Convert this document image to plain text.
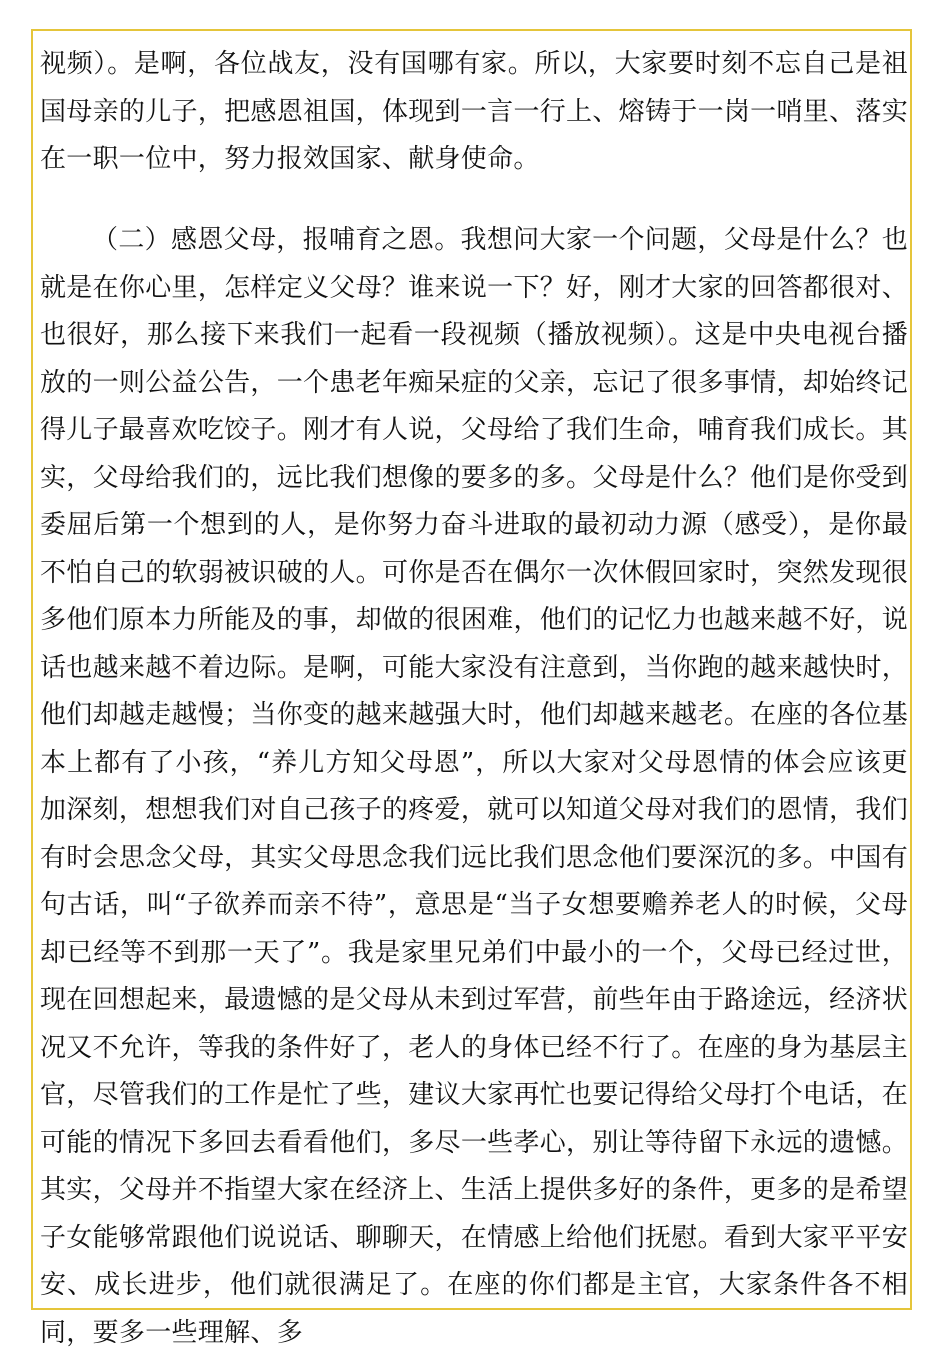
视频）。是啊，各位战友，没有国哪有家。所以，大家要时刻不忘自己是祖国母亲的儿子，把感恩祖国，体现到一言一行上、熔铸于一岗一哨里、落实在一职一位中，努力报效国家、献身使命。
（二）感恩父母，报哺育之恩。我想问大家一个问题，父母是什么？也就是在你心里，怎样定义父母？谁来说一下？好，刚才大家的回答都很对、也很好，那么接下来我们一起看一段视频（播放视频）。这是中央电视台播放的一则公益公告，一个患老年痴呆症的父亲，忘记了很多事情，却始终记得儿子最喜欢吃饺子。刚才有人说，父母给了我们生命，哺育我们成长。其实，父母给我们的，远比我们想像的要多的多。父母是什么？他们是你受到委屈后第一个想到的人，是你努力奋斗进取的最初动力源（感受），是你最不怕自己的软弱被识破的人。可你是否在偶尔一次休假回家时，突然发现很多他们原本力所能及的事，却做的很困难，他们的记忆力也越来越不好，说话也越来越不着边际。是啊，可能大家没有注意到，当你跑的越来越快时，他们却越走越慢；当你变的越来越强大时，他们却越来越老。在座的各位基本上都有了小孩，“养儿方知父母恩”，所以大家对父母恩情的体会应该更加深刻，想想我们对自己孩子的疼爱，就可以知道父母对我们的恩情，我们有时会思念父母，其实父母思念我们远比我们思念他们要深沉的多。中国有句古话，叫“子欲养而亲不待”，意思是“当子女想要赡养老人的时候，父母却已经等不到那一天了”。我是家里兄弟们中最小的一个，父母已经过世，现在回想起来，最遗憾的是父母从未到过军营，前些年由于路途远，经济状况又不允许，等我的条件好了，老人的身体已经不行了。在座的身为基层主官，尽管我们的工作是忙了些，建议大家再忙也要记得给父母打个电话，在可能的情况下多回去看看他们，多尽一些孝心，别让等待留下永远的遗憾。其实，父母并不指望大家在经济上、生活上提供多好的条件，更多的是希望子女能够常跟他们说说话、聊聊天，在情感上给他们抚慰。看到大家平平安安、成长进步，他们就很满足了。在座的你们都是主官，大家条件各不相同，要多一些理解、多
